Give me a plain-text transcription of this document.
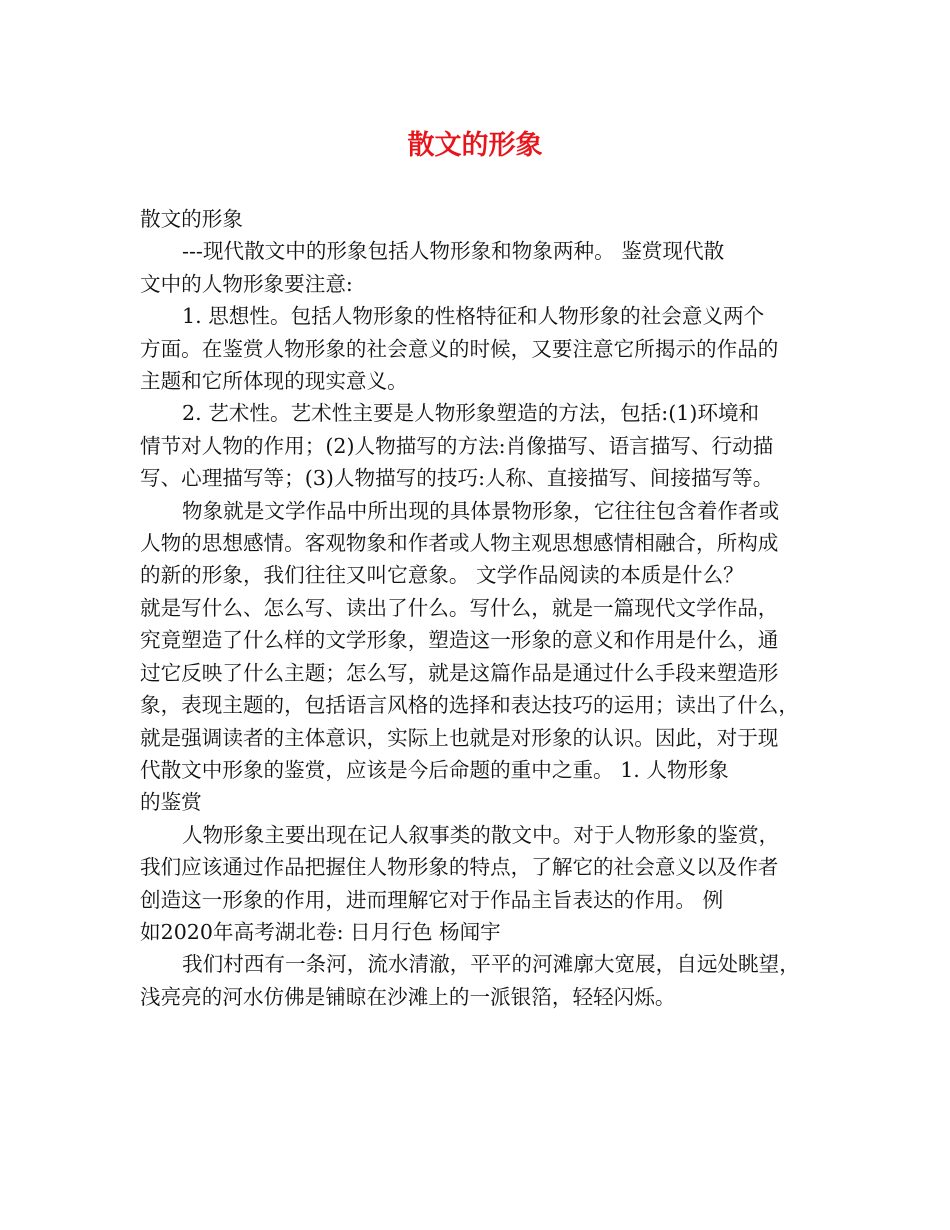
散文的形象

散文的形象

---现代散文中的形象包括人物形象和物象两种。 鉴赏现代散

文中的人物形象要注意:

1. 思想性。包括人物形象的性格特征和人物形象的社会意义两个

方面。在鉴赏人物形象的社会意义的时候，又要注意它所揭示的作品的

主题和它所体现的现实意义。

2. 艺术性。艺术性主要是人物形象塑造的方法，包括:(1)环境和

情节对人物的作用；(2)人物描写的方法:肖像描写、语言描写、行动描

写、心理描写等；(3)人物描写的技巧:人称、直接描写、间接描写等。

物象就是文学作品中所出现的具体景物形象，它往往包含着作者或

人物的思想感情。客观物象和作者或人物主观思想感情相融合，所构成

的新的形象，我们往往又叫它意象。 文学作品阅读的本质是什么？

就是写什么、怎么写、读出了什么。写什么，就是一篇现代文学作品，

究竟塑造了什么样的文学形象，塑造这一形象的意义和作用是什么，通

过它反映了什么主题；怎么写，就是这篇作品是通过什么手段来塑造形

象，表现主题的，包括语言风格的选择和表达技巧的运用；读出了什么，

就是强调读者的主体意识，实际上也就是对形象的认识。因此，对于现

代散文中形象的鉴赏，应该是今后命题的重中之重。 1. 人物形象

的鉴赏

人物形象主要出现在记人叙事类的散文中。对于人物形象的鉴赏，

我们应该通过作品把握住人物形象的特点，了解它的社会意义以及作者

创造这一形象的作用，进而理解它对于作品主旨表达的作用。 例

如2020年高考湖北卷: 日月行色 杨闻宇

我们村西有一条河，流水清澈，平平的河滩廓大宽展，自远处眺望，

浅亮亮的河水仿佛是铺晾在沙滩上的一派银箔，轻轻闪烁。
